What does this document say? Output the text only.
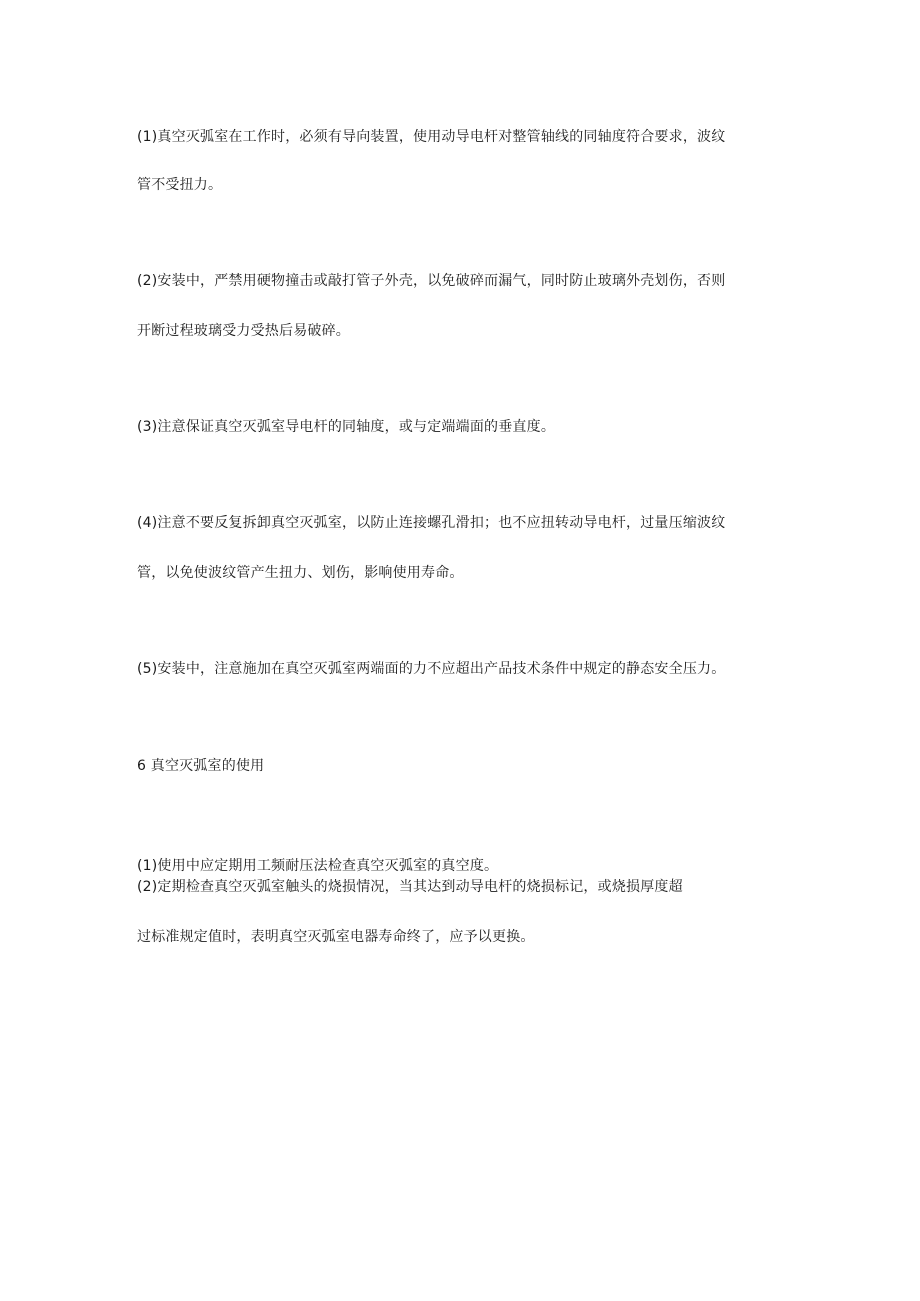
(1)真空灭弧室在工作时，必须有导向装置，使用动导电杆对整管轴线的同轴度符合要求，波纹
管不受扭力。
(2)安装中，严禁用硬物撞击或敲打管子外壳，以免破碎而漏气，同时防止玻璃外壳划伤，否则
开断过程玻璃受力受热后易破碎。
(3)注意保证真空灭弧室导电杆的同轴度，或与定端端面的垂直度。
(4)注意不要反复拆卸真空灭弧室，以防止连接螺孔滑扣；也不应扭转动导电杆，过量压缩波纹
管，以免使波纹管产生扭力、划伤，影响使用寿命。
(5)安装中，注意施加在真空灭弧室两端面的力不应超出产品技术条件中规定的静态安全压力。
6 真空灭弧室的使用
(1)使用中应定期用工频耐压法检查真空灭弧室的真空度。
(2)定期检查真空灭弧室触头的烧损情况，当其达到动导电杆的烧损标记，或烧损厚度超
过标准规定值时，表明真空灭弧室电器寿命终了，应予以更换。
